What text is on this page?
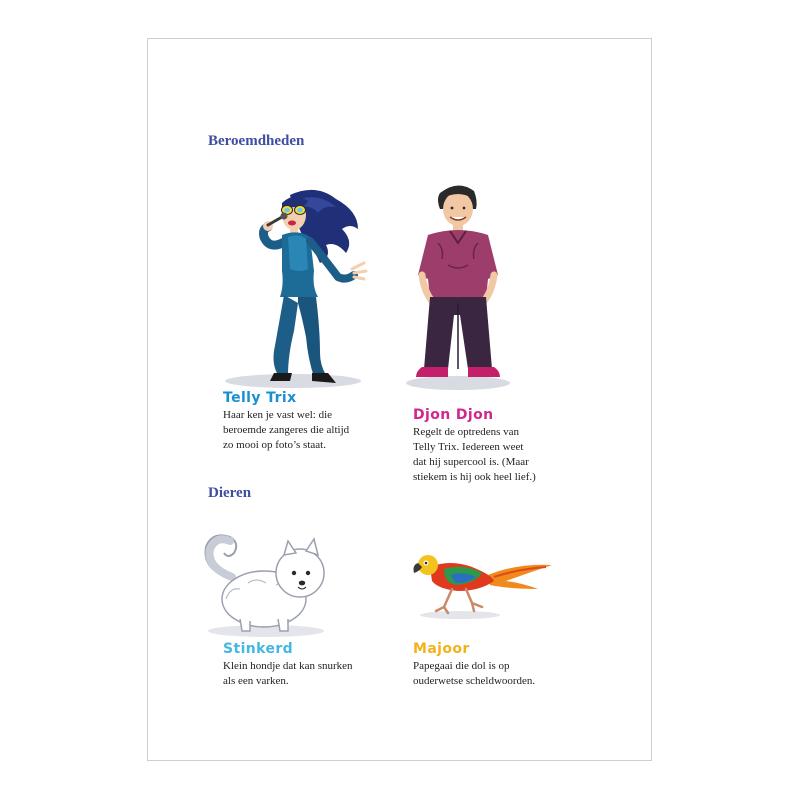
Beroemdheden

Telly Trix

Haar ken je vast wel: die
beroemde zangeres die altijd
zo mooi op foto’s staat.

Djon Djon

Regelt de optredens van
Telly Trix. Iedereen weet
dat hij supercool is. (Maar
stiekem is hij ook heel lief.)

Dieren

Stinkerd

Klein hondje dat kan snurken
als een varken.

Majoor

Papegaai die dol is op
ouderwetse scheldwoorden.
